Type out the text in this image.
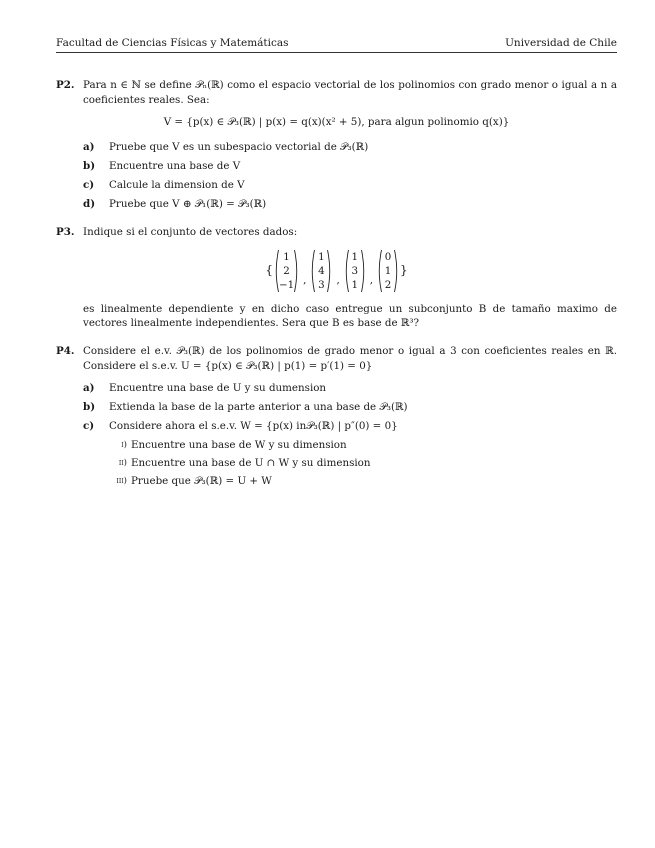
Facultad de Ciencias Físicas y Matemáticas	Universidad de Chile
P2. Para n ∈ ℕ se define 𝒫ₙ(ℝ) como el espacio vectorial de los polinomios con grado menor o igual a n a coeficientes reales. Sea:
V = {p(x) ∈ 𝒫₃(ℝ) | p(x) = q(x)(x² + 5), para algun polinomio q(x)}
a) Pruebe que V es un subespacio vectorial de 𝒫₃(ℝ)
b) Encuentre una base de V
c) Calcule la dimension de V
d) Pruebe que V ⊕ 𝒫₁(ℝ) = 𝒫₃(ℝ)
P3. Indique si el conjunto de vectores dados:
{
1
2
−1 ,
1
4
3 ,
1
3
1 ,
0
1
2
}
es linealmente dependiente y en dicho caso entregue un subconjunto B de tamaño maximo de vectores linealmente independientes. Sera que B es base de ℝ³?
P4. Considere el e.v. 𝒫₃(ℝ) de los polinomios de grado menor o igual a 3 con coeficientes reales en ℝ. Considere el s.e.v. U = {p(x) ∈ 𝒫₃(ℝ) | p(1) = p′(1) = 0}
a) Encuentre una base de U y su dumension
b) Extienda la base de la parte anterior a una base de 𝒫₃(ℝ)
c) Considere ahora el s.e.v. W = {p(x) in𝒫₃(ℝ) | p″(0) = 0}
i) Encuentre una base de W y su dimension
ii) Encuentre una base de U ∩ W y su dimension
iii) Pruebe que 𝒫₃(ℝ) = U + W
